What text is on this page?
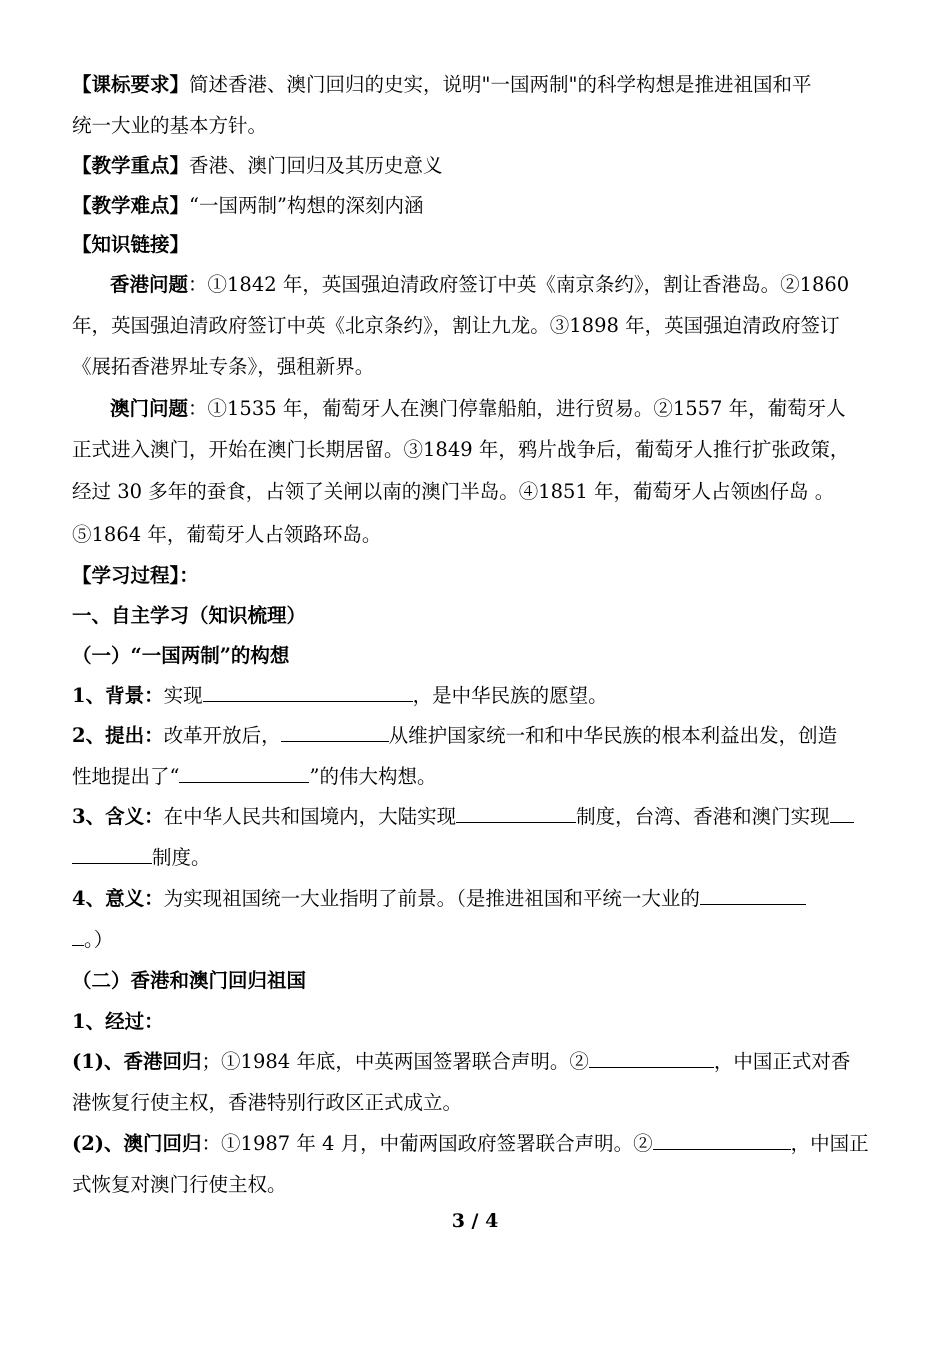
【课标要求】简述香港、澳门回归的史实，说明"一国两制"的科学构想是推进祖国和平
统一大业的基本方针。
【教学重点】香港、澳门回归及其历史意义
【教学难点】“一国两制”构想的深刻内涵
【知识链接】
香港问题：①1842 年，英国强迫清政府签订中英《南京条约》，割让香港岛。②1860
年，英国强迫清政府签订中英《北京条约》，割让九龙。③1898 年，英国强迫清政府签订
《展拓香港界址专条》，强租新界。
澳门问题：①1535 年，葡萄牙人在澳门停靠船舶，进行贸易。②1557 年，葡萄牙人
正式进入澳门，开始在澳门长期居留。③1849 年，鸦片战争后，葡萄牙人推行扩张政策，
经过 30 多年的蚕食，占领了关闸以南的澳门半岛。④1851 年，葡萄牙人占领凼仔岛 。
⑤1864 年，葡萄牙人占领路环岛。
【学习过程】：
一、自主学习（知识梳理）
（一）“一国两制”的构想
1、背景：实现	，是中华民族的愿望。
2、提出：改革开放后，	从维护国家统一和和中华民族的根本利益出发，创造
性地提出了“	”的伟大构想。
3、含义：在中华人民共和国境内，大陆实现	制度，台湾、香港和澳门实现
制度。
4、意义：为实现祖国统一大业指明了前景。（是推进祖国和平统一大业的
。）
（二）香港和澳门回归祖国
1、经过：
(1)、香港回归；①1984 年底，中英两国签署联合声明。②	，中国正式对香
港恢复行使主权，香港特别行政区正式成立。
(2)、澳门回归：①1987 年 4 月，中葡两国政府签署联合声明。②	，中国正
式恢复对澳门行使主权。
3 / 4
